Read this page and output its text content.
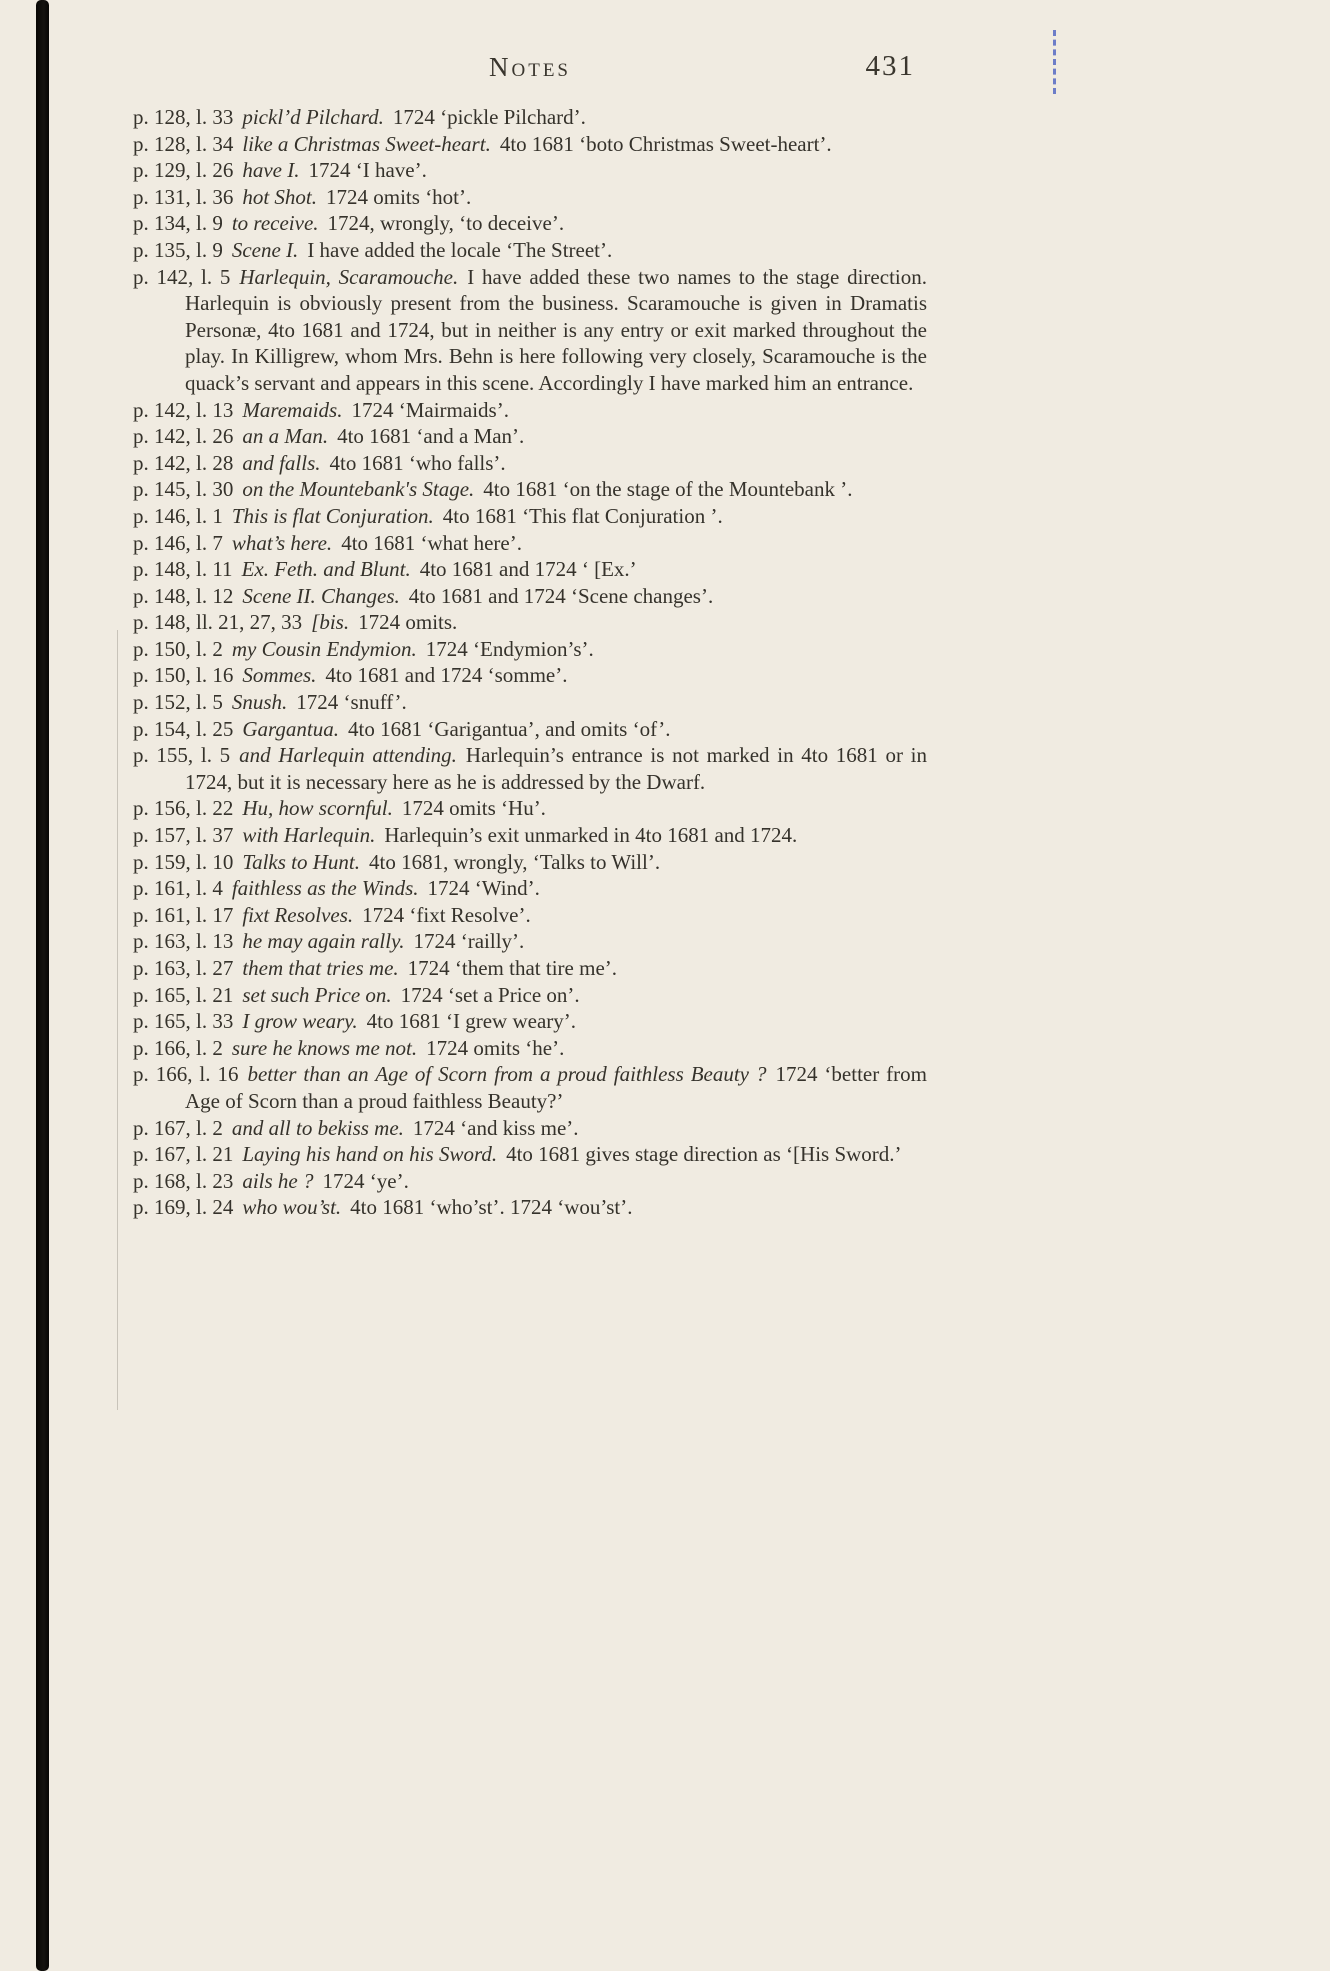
Notes	431

p. 128, l. 33 pickl’d Pilchard. 1724 ‘pickle Pilchard’.

p. 128, l. 34 like a Christmas Sweet-heart. 4to 1681 ‘boto Christmas Sweet-heart’.

p. 129, l. 26 have I. 1724 ‘I have’.

p. 131, l. 36 hot Shot. 1724 omits ‘hot’.

p. 134, l. 9 to receive. 1724, wrongly, ‘to deceive’.

p. 135, l. 9 Scene I. I have added the locale ‘The Street’.

p. 142, l. 5 Harlequin, Scaramouche. I have added these two names to the stage direction. Harlequin is obviously present from the business. Scaramouche is given in Dramatis Personæ, 4to 1681 and 1724, but in neither is any entry or exit marked throughout the play. In Killigrew, whom Mrs. Behn is here following very closely, Scaramouche is the quack’s servant and appears in this scene. Accordingly I have marked him an entrance.

p. 142, l. 13 Maremaids. 1724 ‘Mairmaids’.

p. 142, l. 26 an a Man. 4to 1681 ‘and a Man’.

p. 142, l. 28 and falls. 4to 1681 ‘who falls’.

p. 145, l. 30 on the Mountebank's Stage. 4to 1681 ‘on the stage of the Mountebank ’.

p. 146, l. 1 This is flat Conjuration. 4to 1681 ‘This flat Conjuration ’.

p. 146, l. 7 what’s here. 4to 1681 ‘what here’.

p. 148, l. 11 Ex. Feth. and Blunt. 4to 1681 and 1724 ‘ [Ex.’

p. 148, l. 12 Scene II. Changes. 4to 1681 and 1724 ‘Scene changes’.

p. 148, ll. 21, 27, 33 [bis. 1724 omits.

p. 150, l. 2 my Cousin Endymion. 1724 ‘Endymion’s’.

p. 150, l. 16 Sommes. 4to 1681 and 1724 ‘somme’.

p. 152, l. 5 Snush. 1724 ‘snuff’.

p. 154, l. 25 Gargantua. 4to 1681 ‘Garigantua’, and omits ‘of’.

p. 155, l. 5 and Harlequin attending. Harlequin’s entrance is not marked in 4to 1681 or in 1724, but it is necessary here as he is addressed by the Dwarf.

p. 156, l. 22 Hu, how scornful. 1724 omits ‘Hu’.

p. 157, l. 37 with Harlequin. Harlequin’s exit unmarked in 4to 1681 and 1724.

p. 159, l. 10 Talks to Hunt. 4to 1681, wrongly, ‘Talks to Will’.

p. 161, l. 4 faithless as the Winds. 1724 ‘Wind’.

p. 161, l. 17 fixt Resolves. 1724 ‘fixt Resolve’.

p. 163, l. 13 he may again rally. 1724 ‘railly’.

p. 163, l. 27 them that tries me. 1724 ‘them that tire me’.

p. 165, l. 21 set such Price on. 1724 ‘set a Price on’.

p. 165, l. 33 I grow weary. 4to 1681 ‘I grew weary’.

p. 166, l. 2 sure he knows me not. 1724 omits ‘he’.

p. 166, l. 16 better than an Age of Scorn from a proud faithless Beauty ? 1724 ‘better from Age of Scorn than a proud faithless Beauty?’

p. 167, l. 2 and all to bekiss me. 1724 ‘and kiss me’.

p. 167, l. 21 Laying his hand on his Sword. 4to 1681 gives stage direction as ‘[His Sword.’

p. 168, l. 23 ails he ? 1724 ‘ye’.

p. 169, l. 24 who wou’st. 4to 1681 ‘who’st’. 1724 ‘wou’st’.
